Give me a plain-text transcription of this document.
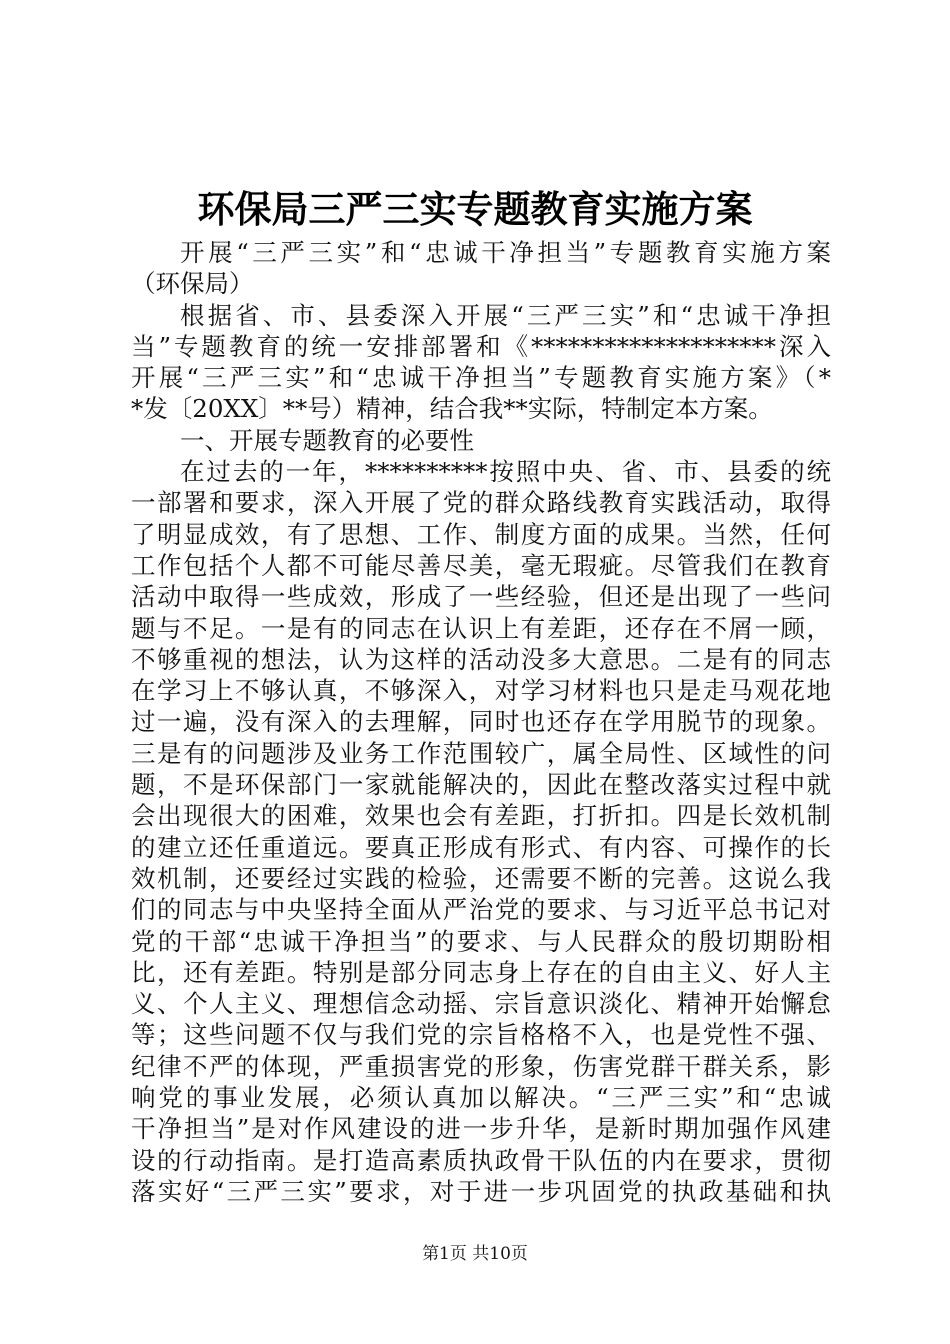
环保局三严三实专题教育实施方案
开展“三严三实”和“忠诚干净担当”专题教育实施方案
（环保局）
根据省、市、县委深入开展“三严三实”和“忠诚干净担
当”专题教育的统一安排部署和《********************深入
开展“三严三实”和“忠诚干净担当”专题教育实施方案》（*
*发〔20XX〕**号）精神，结合我**实际，特制定本方案。
一、开展专题教育的必要性
在过去的一年，**********按照中央、省、市、县委的统
一部署和要求，深入开展了党的群众路线教育实践活动，取得
了明显成效，有了思想、工作、制度方面的成果。当然，任何
工作包括个人都不可能尽善尽美，毫无瑕疵。尽管我们在教育
活动中取得一些成效，形成了一些经验，但还是出现了一些问
题与不足。一是有的同志在认识上有差距，还存在不屑一顾，
不够重视的想法，认为这样的活动没多大意思。二是有的同志
在学习上不够认真，不够深入，对学习材料也只是走马观花地
过一遍，没有深入的去理解，同时也还存在学用脱节的现象。
三是有的问题涉及业务工作范围较广，属全局性、区域性的问
题，不是环保部门一家就能解决的，因此在整改落实过程中就
会出现很大的困难，效果也会有差距，打折扣。四是长效机制
的建立还任重道远。要真正形成有形式、有内容、可操作的长
效机制，还要经过实践的检验，还需要不断的完善。这说么我
们的同志与中央坚持全面从严治党的要求、与习近平总书记对
党的干部“忠诚干净担当”的要求、与人民群众的殷切期盼相
比，还有差距。特别是部分同志身上存在的自由主义、好人主
义、个人主义、理想信念动摇、宗旨意识淡化、精神开始懈怠
等；这些问题不仅与我们党的宗旨格格不入，也是党性不强、
纪律不严的体现，严重损害党的形象，伤害党群干群关系，影
响党的事业发展，必须认真加以解决。“三严三实”和“忠诚
干净担当”是对作风建设的进一步升华，是新时期加强作风建
设的行动指南。是打造高素质执政骨干队伍的内在要求，贯彻
落实好“三严三实”要求，对于进一步巩固党的执政基础和执
第1页 共10页
